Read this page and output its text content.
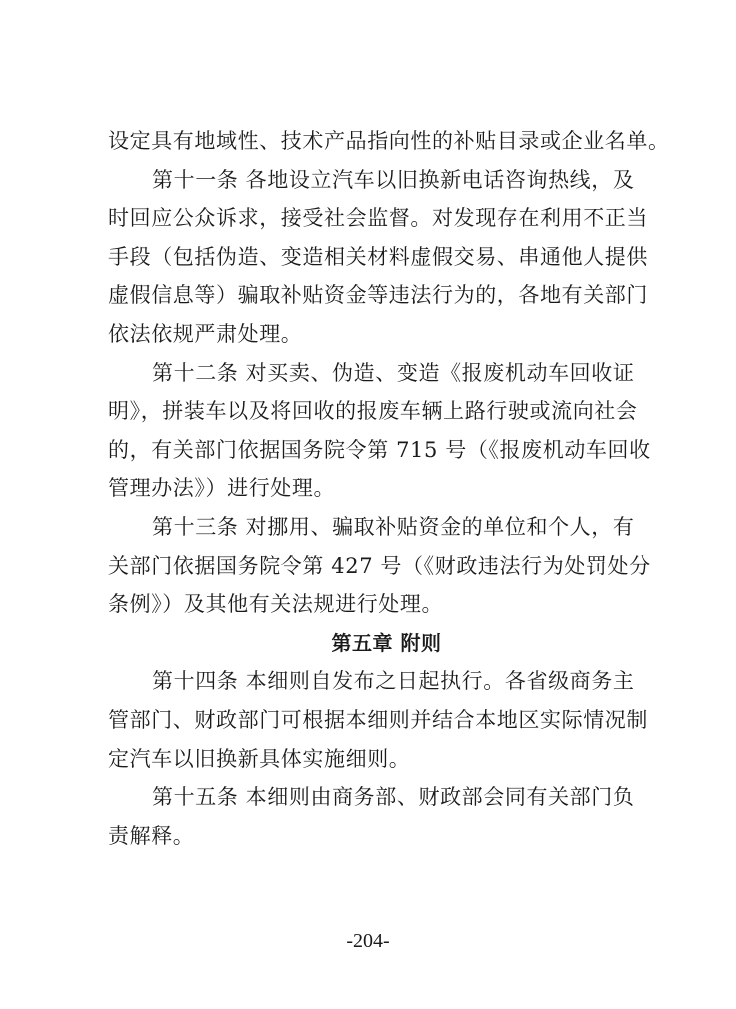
设定具有地域性、技术产品指向性的补贴目录或企业名单。
第十一条 各地设立汽车以旧换新电话咨询热线，及
时回应公众诉求，接受社会监督。对发现存在利用不正当
手段（包括伪造、变造相关材料虚假交易、串通他人提供
虚假信息等）骗取补贴资金等违法行为的，各地有关部门
依法依规严肃处理。
第十二条 对买卖、伪造、变造《报废机动车回收证
明》，拼装车以及将回收的报废车辆上路行驶或流向社会
的，有关部门依据国务院令第 715 号（《报废机动车回收
管理办法》）进行处理。
第十三条 对挪用、骗取补贴资金的单位和个人，有
关部门依据国务院令第 427 号（《财政违法行为处罚处分
条例》）及其他有关法规进行处理。
第五章 附则
第十四条 本细则自发布之日起执行。各省级商务主
管部门、财政部门可根据本细则并结合本地区实际情况制
定汽车以旧换新具体实施细则。
第十五条 本细则由商务部、财政部会同有关部门负
责解释。
-204-
